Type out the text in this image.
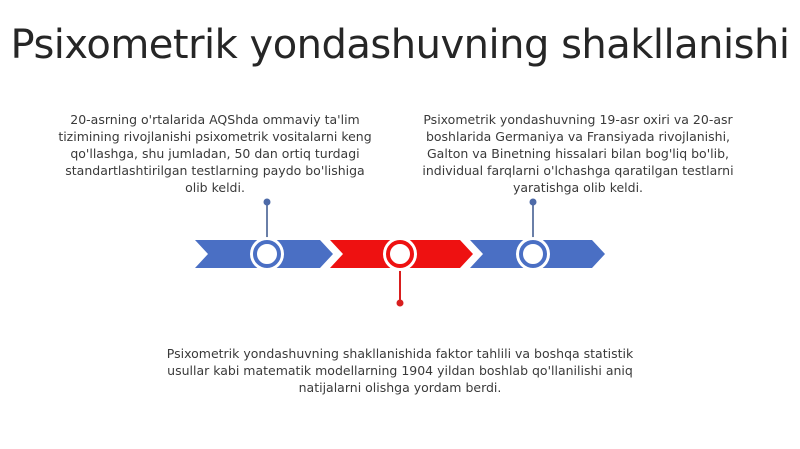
Psixometrik yondashuvning shakllanishi
20-asrning o'rtalarida AQShda ommaviy ta'lim tizimining rivojlanishi psixometrik vositalarni keng qo'llashga, shu jumladan, 50 dan ortiq turdagi standartlashtirilgan testlarning paydo bo'lishiga olib keldi.
Psixometrik yondashuvning 19-asr oxiri va 20-asr boshlarida Germaniya va Fransiyada rivojlanishi, Galton va Binetning hissalari bilan bog'liq bo'lib, individual farqlarni o'lchashga qaratilgan testlarni yaratishga olib keldi.
Psixometrik yondashuvning shakllanishida faktor tahlili va boshqa statistik usullar kabi matematik modellarning 1904 yildan boshlab qo'llanilishi aniq natijalarni olishga yordam berdi.
